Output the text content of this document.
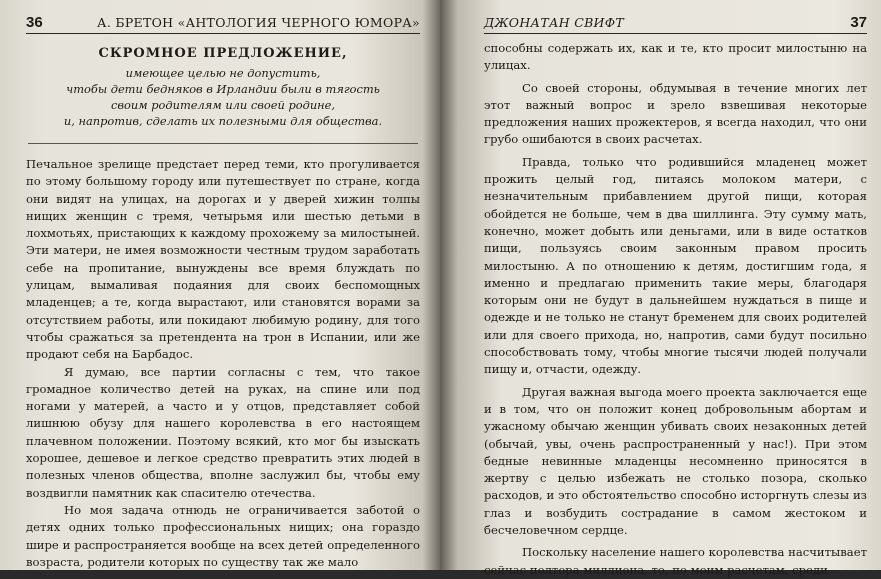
36	А. БРЕТОН «АНТОЛОГИЯ ЧЕРНОГО ЮМОРА»
СКРОМНОЕ ПРЕДЛОЖЕНИЕ,
имеющее целью не допустить,
чтобы дети бедняков в Ирландии были в тягость
своим родителям или своей родине,
и, напротив, сделать их полезными для общества.

Печальное зрелище предстает перед теми, кто прогуливается по этому большому городу или путешествует по стране, когда они видят на улицах, на дорогах и у дверей хижин толпы нищих женщин с тремя, четырьмя или шестью детьми в лохмотьях, пристающих к каждому прохожему за милостыней. Эти матери, не имея возможности честным трудом заработать себе на пропитание, вынуждены все время блуждать по улицам, вымаливая подаяния для своих беспомощных младенцев; а те, когда вырастают, или становятся ворами за отсутствием работы, или покидают любимую родину, для того чтобы сражаться за претендента на трон в Испании, или же продают себя на Барбадос.

Я думаю, все партии согласны с тем, что такое громадное количество детей на руках, на спине или под ногами у матерей, а часто и у отцов, представляет собой лишнюю обузу для нашего королевства в его настоящем плачевном положении. Поэтому всякий, кто мог бы изыскать хорошее, дешевое и легкое средство превратить этих людей в полезных членов общества, вполне заслужил бы, чтобы ему воздвигли памятник как спасителю отечества.

Но моя задача отнюдь не ограничивается заботой о детях одних только профессиональных нищих; она гораздо шире и распространяется вообще на всех детей определенного возраста, родители которых по существу так же мало

ДЖОНАТАН СВИФТ	37

способны содержать их, как и те, кто просит милостыню на улицах.

Со своей стороны, обдумывая в течение многих лет этот важный вопрос и зрело взвешивая некоторые предложения наших прожектеров, я всегда находил, что они грубо ошибаются в своих расчетах.

Правда, только что родившийся младенец может прожить целый год, питаясь молоком матери, с незначительным прибавлением другой пищи, которая обойдется не больше, чем в два шиллинга. Эту сумму мать, конечно, может добыть или деньгами, или в виде остатков пищи, пользуясь своим законным правом просить милостыню. А по отношению к детям, достигшим года, я именно и предлагаю применить такие меры, благодаря которым они не будут в дальнейшем нуждаться в пище и одежде и не только не станут бременем для своих родителей или для своего прихода, но, напротив, сами будут посильно способствовать тому, чтобы многие тысячи людей получали пищу и, отчасти, одежду.

Другая важная выгода моего проекта заключается еще и в том, что он положит конец добровольным абортам и ужасному обычаю женщин убивать своих незаконных детей (обычай, увы, очень распространенный у нас!). При этом бедные невинные младенцы несомненно приносятся в жертву с целью избежать не столько позора, сколько расходов, и это обстоятельство способно исторгнуть слезы из глаз и возбудить сострадание в самом жестоком и бесчеловечном сердце.

Поскольку население нашего королевства насчитывает сейчас полтора миллиона, то, по моим расчетам, среди
